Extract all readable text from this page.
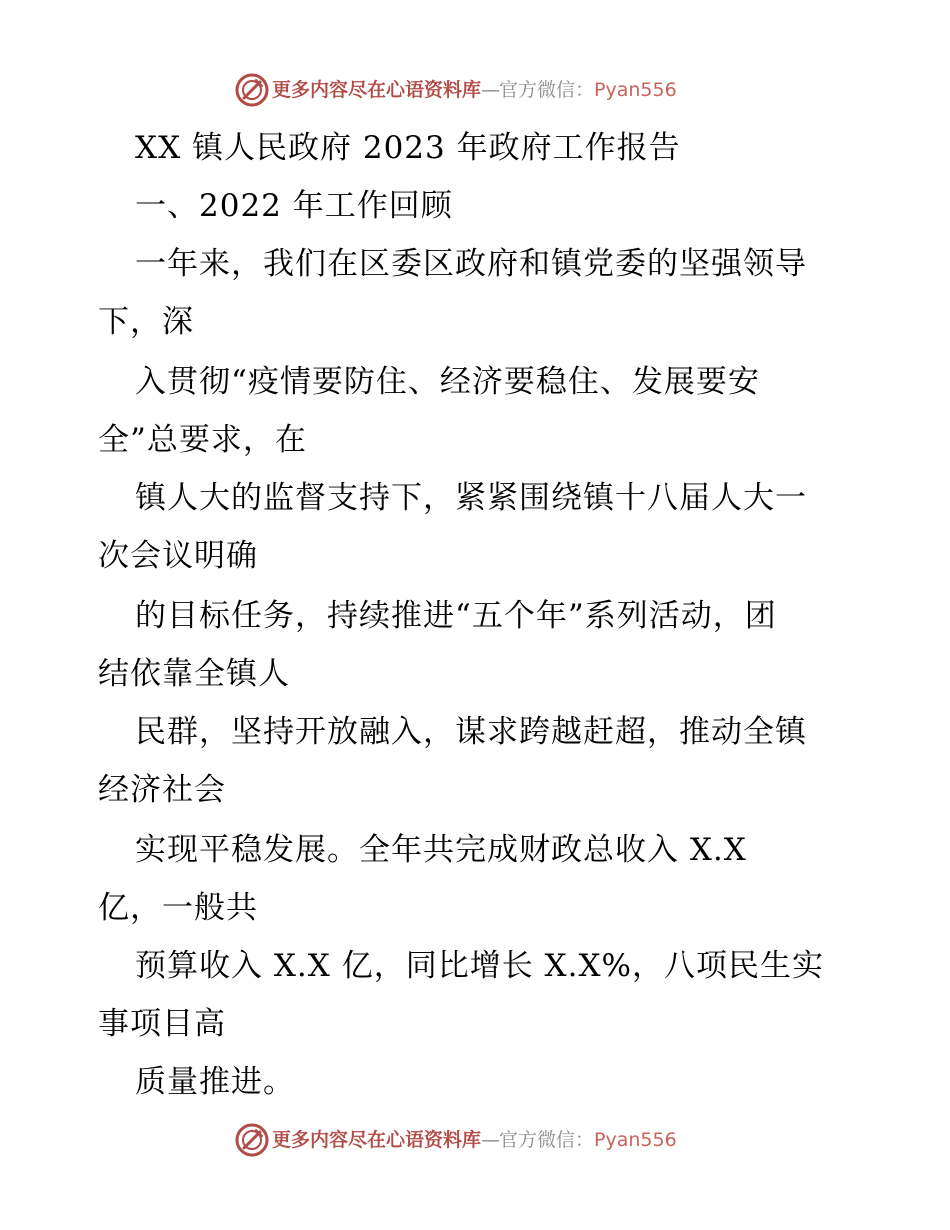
更多内容尽在心语资料库—官方微信：Pyan556
XX 镇人民政府 2023 年政府工作报告
一、2022 年工作回顾
一年来，我们在区委区政府和镇党委的坚强领导
下，深
入贯彻“疫情要防住、经济要稳住、发展要安
全”总要求，在
镇人大的监督支持下，紧紧围绕镇十八届人大一
次会议明确
的目标任务，持续推进“五个年”系列活动，团
结依靠全镇人
民群，坚持开放融入，谋求跨越赶超，推动全镇
经济社会
实现平稳发展。全年共完成财政总收入 X.X
亿，一般共
预算收入 X.X 亿，同比增长 X.X%，八项民生实
事项目高
质量推进。
更多内容尽在心语资料库—官方微信：Pyan556
